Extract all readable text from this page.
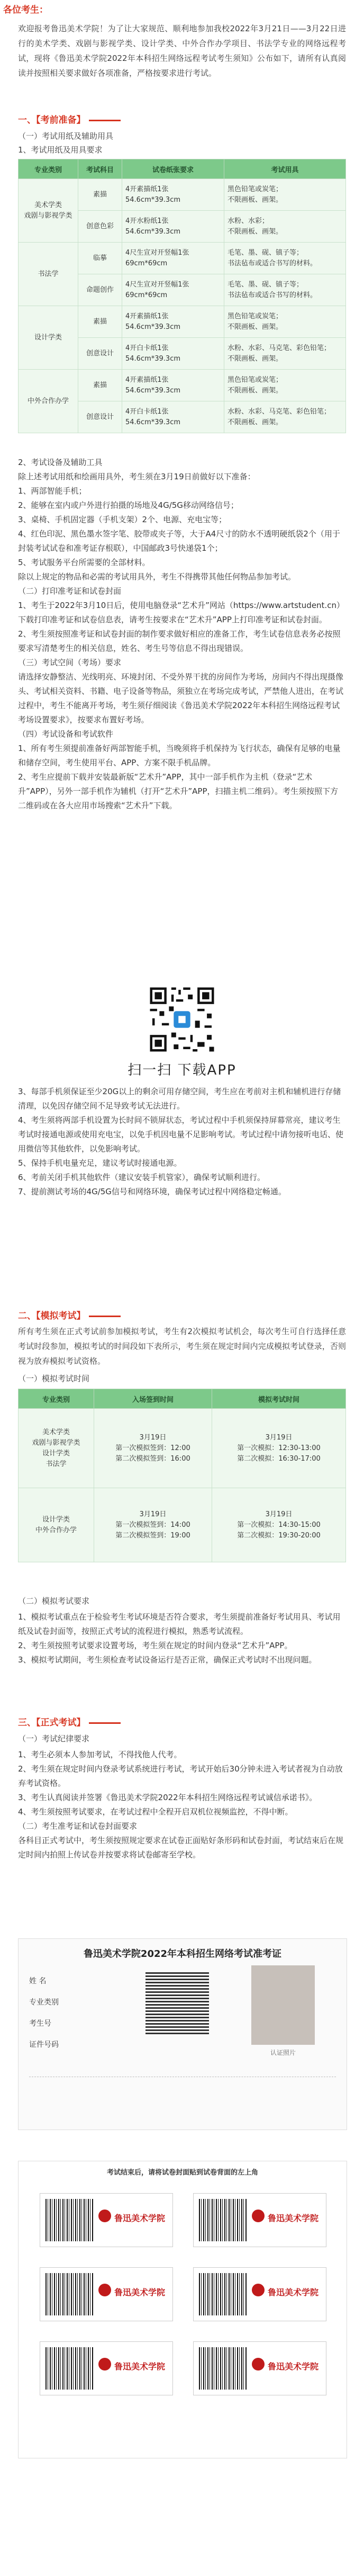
各位考生：

欢迎报考鲁迅美术学院！为了让大家规范、顺利地参加我校2022年3月21日——3月22日进行的美术学类、戏剧与影视学类、设计学类、中外合作办学项目、书法学专业的网络远程考试，现将《鲁迅美术学院2022年本科招生网络远程考试考生须知》公布如下，请所有认真阅读并按照相关要求做好各项准备，严格按要求进行考试。

一、【考前准备】
（一）考试用纸及辅助用具
1、考试用纸及用具要求
专业类别	考试科目	试卷纸张要求	考试用具
美术学类
戏剧与影视学类	素描	4开素描纸1张
54.6cm*39.3cm	黑色铅笔或炭笔；
不限画板、画架。
	创意色彩	4开水粉纸1张
54.6cm*39.3cm	水粉、水彩；
不限画板、画架。
书法学	临摹	4尺生宣对开竖幅1张
69cm*69cm	毛笔、墨、砚、镇子等；
书法毡布或适合书写的材料。
	命题创作	4尺生宣对开竖幅1张
69cm*69cm	毛笔、墨、砚、镇子等；
书法毡布或适合书写的材料。
设计学类	素描	4开素描纸1张
54.6cm*39.3cm	黑色铅笔或炭笔；
不限画板、画架。
	创意设计	4开白卡纸1张
54.6cm*39.3cm	水粉、水彩、马克笔、彩色铅笔；
不限画板、画架。
中外合作办学	素描	4开素描纸1张
54.6cm*39.3cm	黑色铅笔或炭笔；
不限画板、画架。
	创意设计	4开白卡纸1张
54.6cm*39.3cm	水粉、水彩、马克笔、彩色铅笔；
不限画板、画架。

2、考试设备及辅助工具

除上述考试用纸和绘画用具外，考生须在3月19日前做好以下准备：

1、两部智能手机；

2、能够在室内或户外进行拍摄的场地及4G/5G移动网络信号；

3、桌椅、手机固定器（手机支架）2个、电源、充电宝等；

4、红色印泥、黑色墨水签字笔、胶带或夹子等，大于A4尺寸的防水不透明硬纸袋2个（用于封装考试试卷和准考证存根联），中国邮政3号快递袋1个；

5、考试服务平台所需要的全部材料。

除以上规定的物品和必需的考试用具外，考生不得携带其他任何物品参加考试。

（二）打印准考证和试卷封面

1、考生于2022年3月10日后，使用电脑登录“艺术升”网站（https://www.artstudent.cn）下载打印准考证和试卷信息表，请考生按要求在“艺术升”APP上打印准考证和试卷封面。

2、考生须按照准考证和试卷封面的制作要求做好相应的准备工作，考生试卷信息表务必按照要求写清楚考生的相关信息，姓名、考生号等信息不得出现错误。

（三）考试空间（考场）要求

请选择安静整洁、光线明亮、环境封闭、不受外界干扰的房间作为考场，房间内不得出现摄像头、考试相关资料、书籍、电子设备等物品，须独立在考场完成考试，严禁他人进出，在考试过程中，考生不能离开考场，考生须仔细阅读《鲁迅美术学院2022年本科招生网络远程考试考场设置要求》，按要求布置好考场。

（四）考试设备和考试软件

1、所有考生须提前准备好两部智能手机，当晚须将手机保持为飞行状态，确保有足够的电量和储存空间，考生使用平台、APP、方案不限手机品牌。

2、考生应提前下载并安装最新版“艺术升”APP，其中一部手机作为主机（登录“艺术升”APP），另外一部手机作为辅机（打开“艺术升”APP，扫描主机二维码）。考生须按照下方二维码或在各大应用市场搜索“艺术升”下载。

扫一扫 下载APP

3、每部手机须保证至少20G以上的剩余可用存储空间，考生应在考前对主机和辅机进行存储清理，以免因存储空间不足导致考试无法进行。

4、考生须将两部手机设置为长时间不锁屏状态，考试过程中手机须保持屏幕常亮，建议考生考试时接通电源或使用充电宝，以免手机因电量不足影响考试。考试过程中请勿接听电话、使用微信等其他软件，以免影响考试。

5、保持手机电量充足，建议考试时接通电源。

6、考前关闭手机其他软件（建议安装手机管家），确保考试顺利进行。

7、提前测试考场的4G/5G信号和网络环境，确保考试过程中网络稳定畅通。

二、【模拟考试】

所有考生须在正式考试前参加模拟考试，考生有2次模拟考试机会，每次考生可自行选择任意考试时段参加，模拟考试的时间段如下表所示，考生须在规定时间内完成模拟考试登录，否则视为放弃模拟考试资格。

（一）模拟考试时间
专业类别	入场签到时间	模拟考试时间
美术学类
戏剧与影视学类
设计学类
书法学	3月19日
第一次模拟签到：12:00
第二次模拟签到：16:00	3月19日
第一次模拟：12:30-13:00
第二次模拟：16:30-17:00
设计学类
中外合作办学	3月19日
第一次模拟签到：14:00
第二次模拟签到：19:00	3月19日
第一次模拟：14:30-15:00
第二次模拟：19:30-20:00
（二）模拟考试要求

1、模拟考试重点在于检验考生考试环境是否符合要求，考生须提前准备好考试用具、考试用纸及试卷封面等，按照正式考试的流程进行模拟，熟悉考试流程。

2、考生须按照考试要求设置考场，考生须在规定的时间内登录“艺术升”APP。

3、模拟考试期间，考生须检查考试设备运行是否正常，确保正式考试时不出现问题。

三、【正式考试】
（一）考试纪律要求

1、考生必须本人参加考试，不得找他人代考。

2、考生须在规定时间内登录考试系统进行考试，考试开始后30分钟未进入考试者视为自动放弃考试资格。

3、考生认真阅读并签署《鲁迅美术学院2022年本科招生网络远程考试诚信承诺书》。

4、考生须按照考试要求，在考试过程中全程开启双机位视频监控，不得中断。

（二）考生准考证和试卷封面要求

各科目正式考试中，考生须按照规定要求在试卷正面贴好条形码和试卷封面，考试结束后在规定时间内拍照上传试卷并按要求将试卷邮寄至学校。

鲁迅美术学院2022年本科招生网络考试准考证
姓 名
专业类别
考生号
证件号码
认证照片
考试结束后，请将试卷封面贴到试卷背面的左上角
鲁迅美术学院	鲁迅美术学院
鲁迅美术学院	鲁迅美术学院
鲁迅美术学院	鲁迅美术学院
